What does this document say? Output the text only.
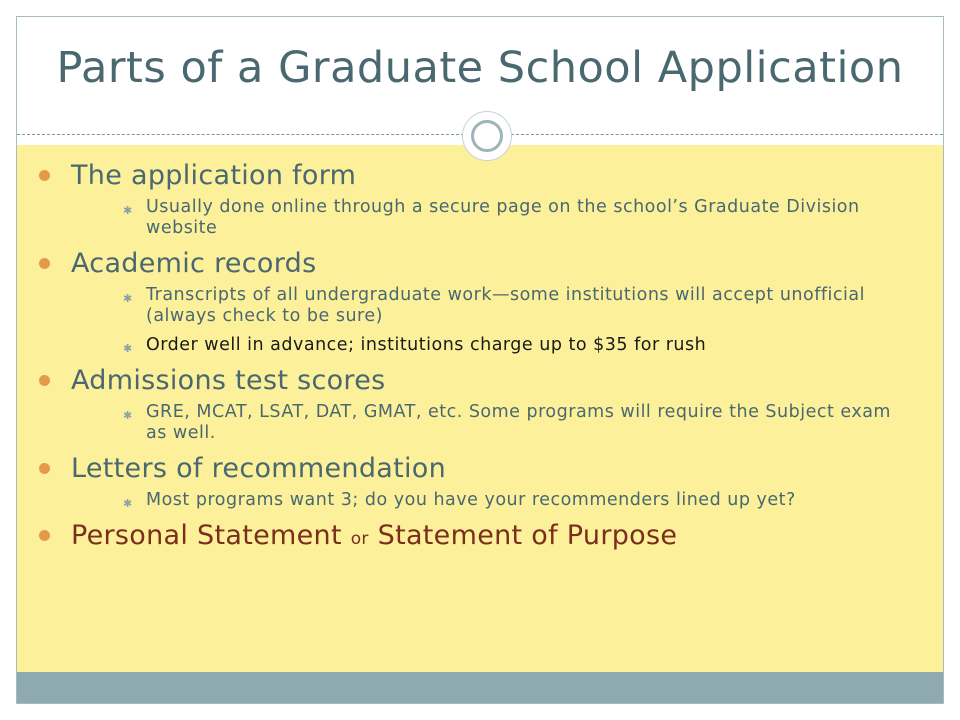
Parts of a Graduate School Application
The application form
✱ Usually done online through a secure page on the school’s Graduate Division website
Academic records
✱ Transcripts of all undergraduate work—some institutions will accept unofficial (always check to be sure)
✱ Order well in advance; institutions charge up to $35 for rush
Admissions test scores
✱ GRE, MCAT, LSAT, DAT, GMAT, etc. Some programs will require the Subject exam as well.
Letters of recommendation
✱ Most programs want 3; do you have your recommenders lined up yet?
Personal Statement or Statement of Purpose
